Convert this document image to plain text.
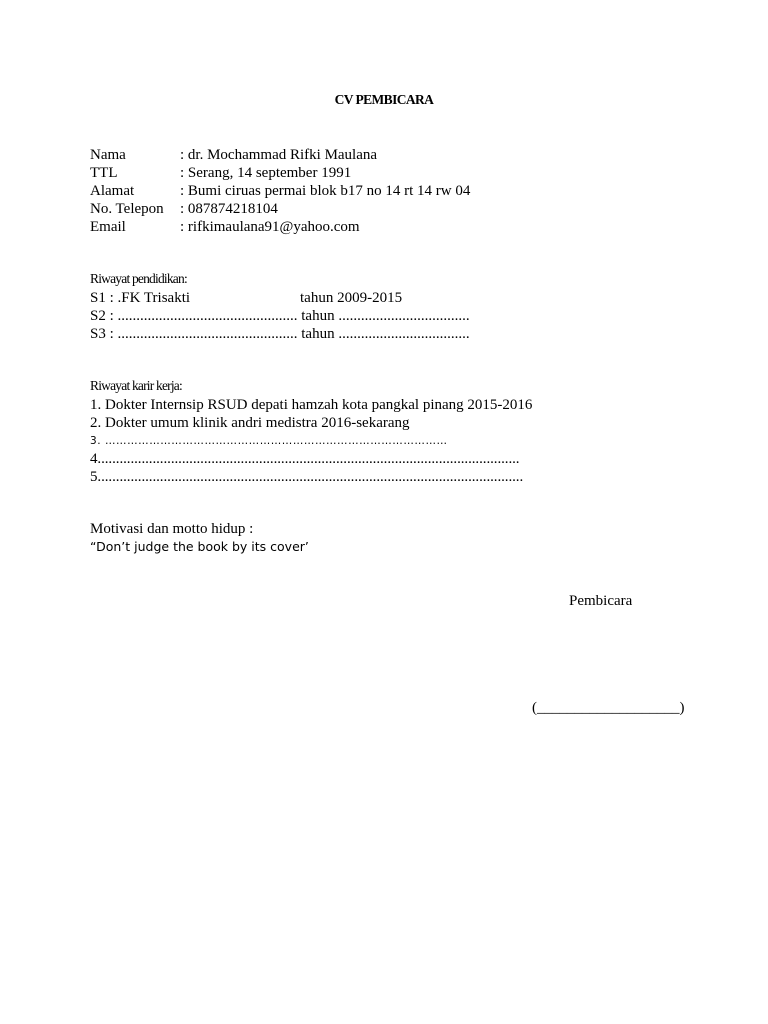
CV PEMBICARA
Nama	: dr. Mochammad Rifki Maulana
TTL	: Serang, 14 september 1991
Alamat	: Bumi ciruas permai blok b17 no 14 rt 14 rw 04
No. Telepon	: 087874218104
Email	: rifkimaulana91@yahoo.com
Riwayat pendidikan:
S1 : .FK Trisakti	tahun 2009-2015
S2 : ................................................ tahun ...................................
S3 : ................................................ tahun ...................................
Riwayat karir kerja:
1. Dokter Internsip RSUD depati hamzah kota pangkal pinang 2015-2016
2. Dokter umum klinik andri medistra 2016-sekarang
3. …………………………………………………………………………………
4...................................................................................................................
5....................................................................................................................
Motivasi dan motto hidup :
“Don’t judge the book by its cover’
Pembicara
(___________________)
